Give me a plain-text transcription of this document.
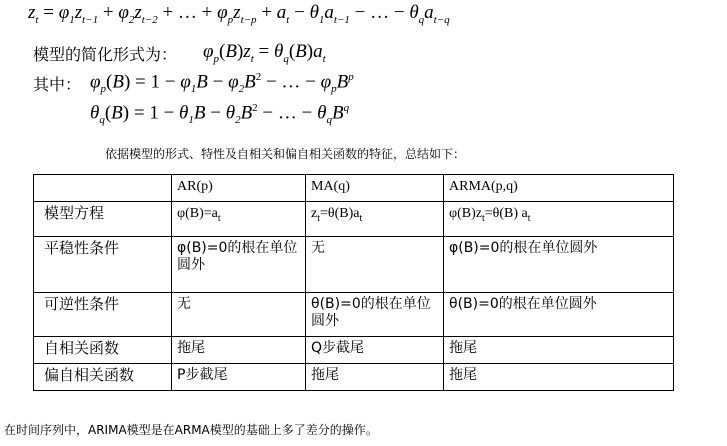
$z_t = \varphi_1z_{t-1} + \varphi_2z_{t-2}$ + … + $\varphi_pz_{t-p} + a_t - \theta_1a_{t-1}$ − … − $\theta_qa_{t-q}$
模型的简化形式为： $\varphi_p(B)z_t = \theta_q(B)a_t$
其中： $\varphi_p(B) = 1 - \varphi_1B - \varphi_2B^2$ − … − $\varphi_pB^p$
$\theta_q(B) = 1 - \theta_1B - \theta_2B^2$ − … − $\theta_qB^q$
依据模型的形式、特性及自相关和偏自相关函数的特征，总结如下：
	AR(p)	MA(q)	ARMA(p,q)
模型方程	$\varphi(B)=a_t$	$z_t=\theta(B)a_t$	$\varphi(B)z_t=\theta(B)$ $a_t$
平稳性条件	φ(B)=0的根在单位圆外	无	φ(B)=0的根在单位圆外
可逆性条件	无	θ(B)=0的根在单位圆外	θ(B)=0的根在单位圆外
自相关函数	拖尾	Q步截尾	拖尾
偏自相关函数	P步截尾	拖尾	拖尾
在时间序列中，ARIMA模型是在ARMA模型的基础上多了差分的操作。
